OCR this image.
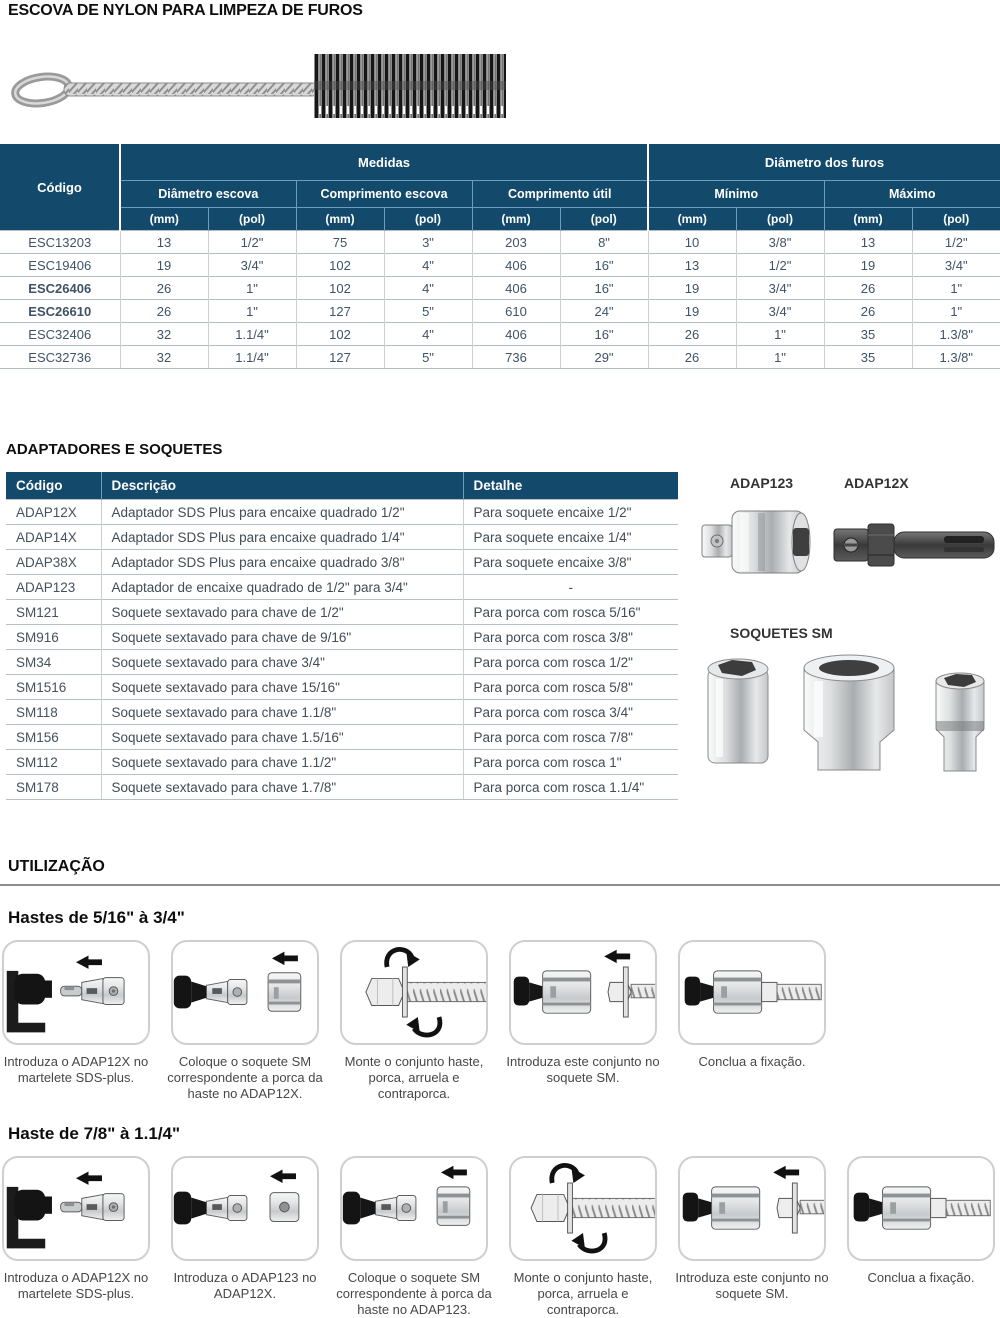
ESCOVA DE NYLON PARA LIMPEZA DE FUROS
Código	Medidas						Diâmetro dos furos			
	Diâmetro escova		Comprimento escova		Comprimento útil		Mínimo		Máximo	
	(mm)	(pol)	(mm)	(pol)	(mm)	(pol)	(mm)	(pol)	(mm)	(pol)
ESC13203	13	1/2"	75	3"	203	8"	10	3/8"	13	1/2"
ESC19406	19	3/4"	102	4"	406	16"	13	1/2"	19	3/4"
ESC26406	26	1"	102	4"	406	16"	19	3/4"	26	1"
ESC26610	26	1"	127	5"	610	24"	19	3/4"	26	1"
ESC32406	32	1.1/4"	102	4"	406	16"	26	1"	35	1.3/8"
ESC32736	32	1.1/4"	127	5"	736	29"	26	1"	35	1.3/8"
ADAPTADORES E SOQUETES
Código	Descrição	Detalhe
ADAP12X	Adaptador SDS Plus para encaixe quadrado 1/2"	Para soquete encaixe 1/2"
ADAP14X	Adaptador SDS Plus para encaixe quadrado 1/4"	Para soquete encaixe 1/4"
ADAP38X	Adaptador SDS Plus para encaixe quadrado 3/8"	Para soquete encaixe 3/8"
ADAP123	Adaptador de encaixe quadrado de 1/2" para 3/4"	-
SM121	Soquete sextavado para chave de 1/2"	Para porca com rosca 5/16"
SM916	Soquete sextavado para chave de 9/16"	Para porca com rosca 3/8"
SM34	Soquete sextavado para chave 3/4"	Para porca com rosca 1/2"
SM1516	Soquete sextavado para chave 15/16"	Para porca com rosca 5/8"
SM118	Soquete sextavado para chave 1.1/8"	Para porca com rosca 3/4"
SM156	Soquete sextavado para chave 1.5/16"	Para porca com rosca 7/8"
SM112	Soquete sextavado para chave 1.1/2"	Para porca com rosca 1"
SM178	Soquete sextavado para chave 1.7/8"	Para porca com rosca 1.1/4"
ADAP123	ADAP12X
SOQUETES SM
UTILIZAÇÃO
Hastes de 5/16" à 3/4"
Introduza o ADAP12X no martelete SDS-plus.
Coloque o soquete SM correspondente a porca da haste no ADAP12X.
Monte o conjunto haste, porca, arruela e contraporca.
Introduza este conjunto no soquete SM.
Conclua a fixação.
Haste de 7/8" à 1.1/4"
Introduza o ADAP12X no martelete SDS-plus.
Introduza o ADAP123 no ADAP12X.
Coloque o soquete SM correspondente à porca da haste no ADAP123.
Monte o conjunto haste, porca, arruela e contraporca.
Introduza este conjunto no soquete SM.
Conclua a fixação.
